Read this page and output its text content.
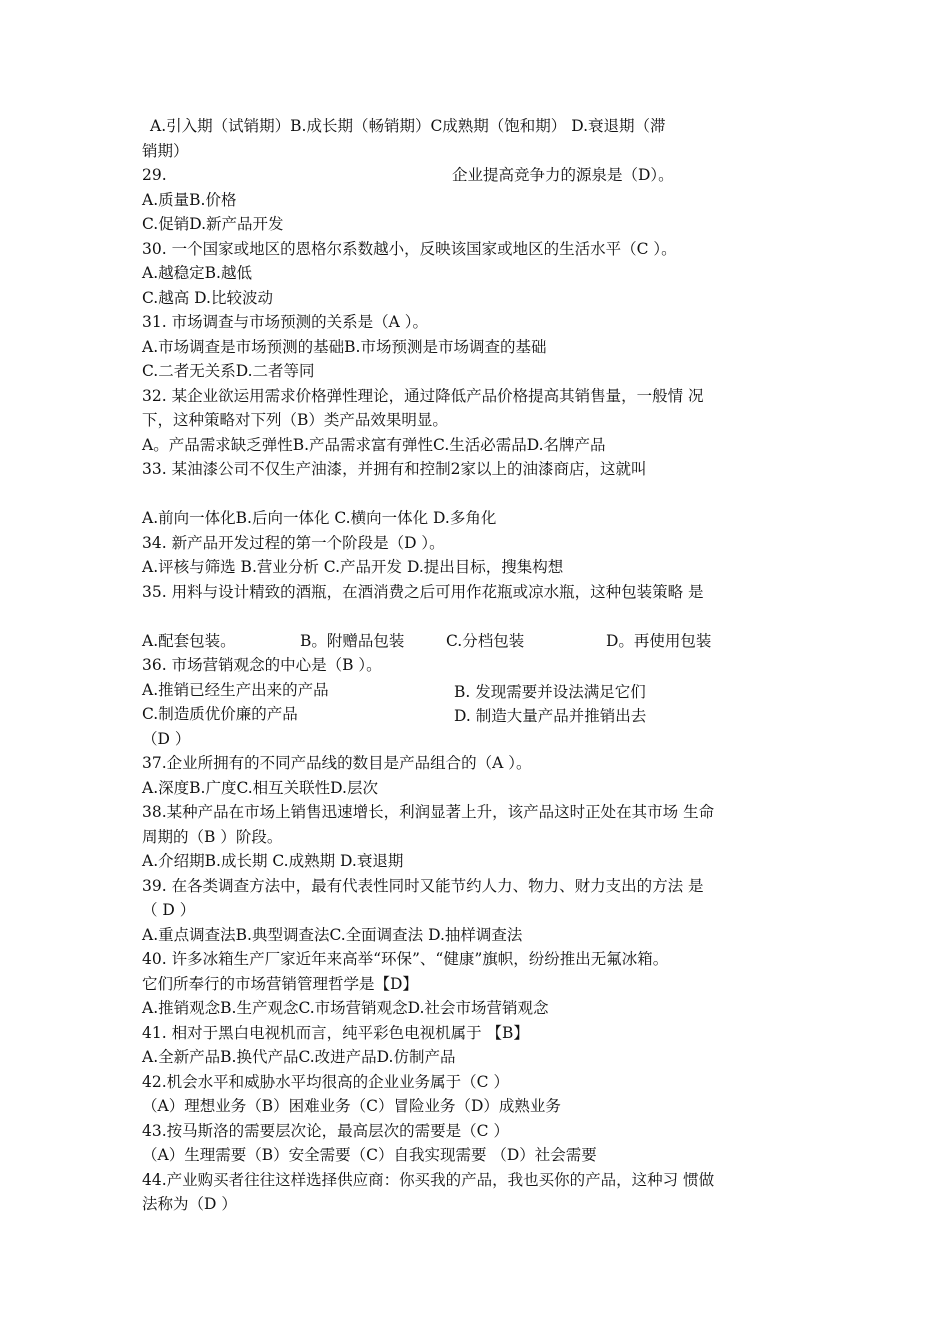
A.引入期（试销期）B.成长期（畅销期）C成熟期（饱和期） D.衰退期（滞
销期）
29.	企业提高竞争力的源泉是（D）。
A.质量B.价格
C.促销D.新产品开发
30. 一个国家或地区的恩格尔系数越小，反映该国家或地区的生活水平（C ）。
A.越稳定B.越低
C.越高 D.比较波动
31. 市场调查与市场预测的关系是（A ）。
A.市场调查是市场预测的基础B.市场预测是市场调查的基础
C.二者无关系D.二者等同
32. 某企业欲运用需求价格弹性理论，通过降低产品价格提高其销售量，一般情 况
下，这种策略对下列（B）类产品效果明显。
A。产品需求缺乏弹性B.产品需求富有弹性C.生活必需品D.名牌产品
33. 某油漆公司不仅生产油漆，并拥有和控制2家以上的油漆商店，这就叫
A.前向一体化B.后向一体化 C.横向一体化 D.多角化
34. 新产品开发过程的第一个阶段是（D ）。
A.评核与筛选 B.营业分析 C.产品开发 D.提出目标，搜集构想
35. 用料与设计精致的酒瓶，在酒消费之后可用作花瓶或凉水瓶，这种包装策略 是
A.配套包装。	B。附赠品包装	C.分档包装	D。再使用包装
36. 市场营销观念的中心是（B ）。
A.推销已经生产出来的产品	B. 发现需要并设法满足它们
C.制造质优价廉的产品	D. 制造大量产品并推销出去
（D ）
37.企业所拥有的不同产品线的数目是产品组合的（A ）。
A.深度B.广度C.相互关联性D.层次
38.某种产品在市场上销售迅速增长，利润显著上升，该产品这时正处在其市场 生命
周期的（B ）阶段。
A.介绍期B.成长期 C.成熟期 D.衰退期
39. 在各类调查方法中，最有代表性同时又能节约人力、物力、财力支出的方法 是
（ D ）
A.重点调查法B.典型调查法C.全面调查法 D.抽样调查法
40. 许多冰箱生产厂家近年来高举“环保”、“健康”旗帜，纷纷推出无氟冰箱。
它们所奉行的市场营销管理哲学是【D】
A.推销观念B.生产观念C.市场营销观念D.社会市场营销观念
41. 相对于黑白电视机而言，纯平彩色电视机属于 【B】
A.全新产品B.换代产品C.改进产品D.仿制产品
42.机会水平和威胁水平均很高的企业业务属于（C ）
（A）理想业务（B）困难业务（C）冒险业务（D）成熟业务
43.按马斯洛的需要层次论，最高层次的需要是（C ）
（A）生理需要（B）安全需要（C）自我实现需要 （D）社会需要
44.产业购买者往往这样选择供应商：你买我的产品，我也买你的产品，这种习 惯做
法称为（D ）
